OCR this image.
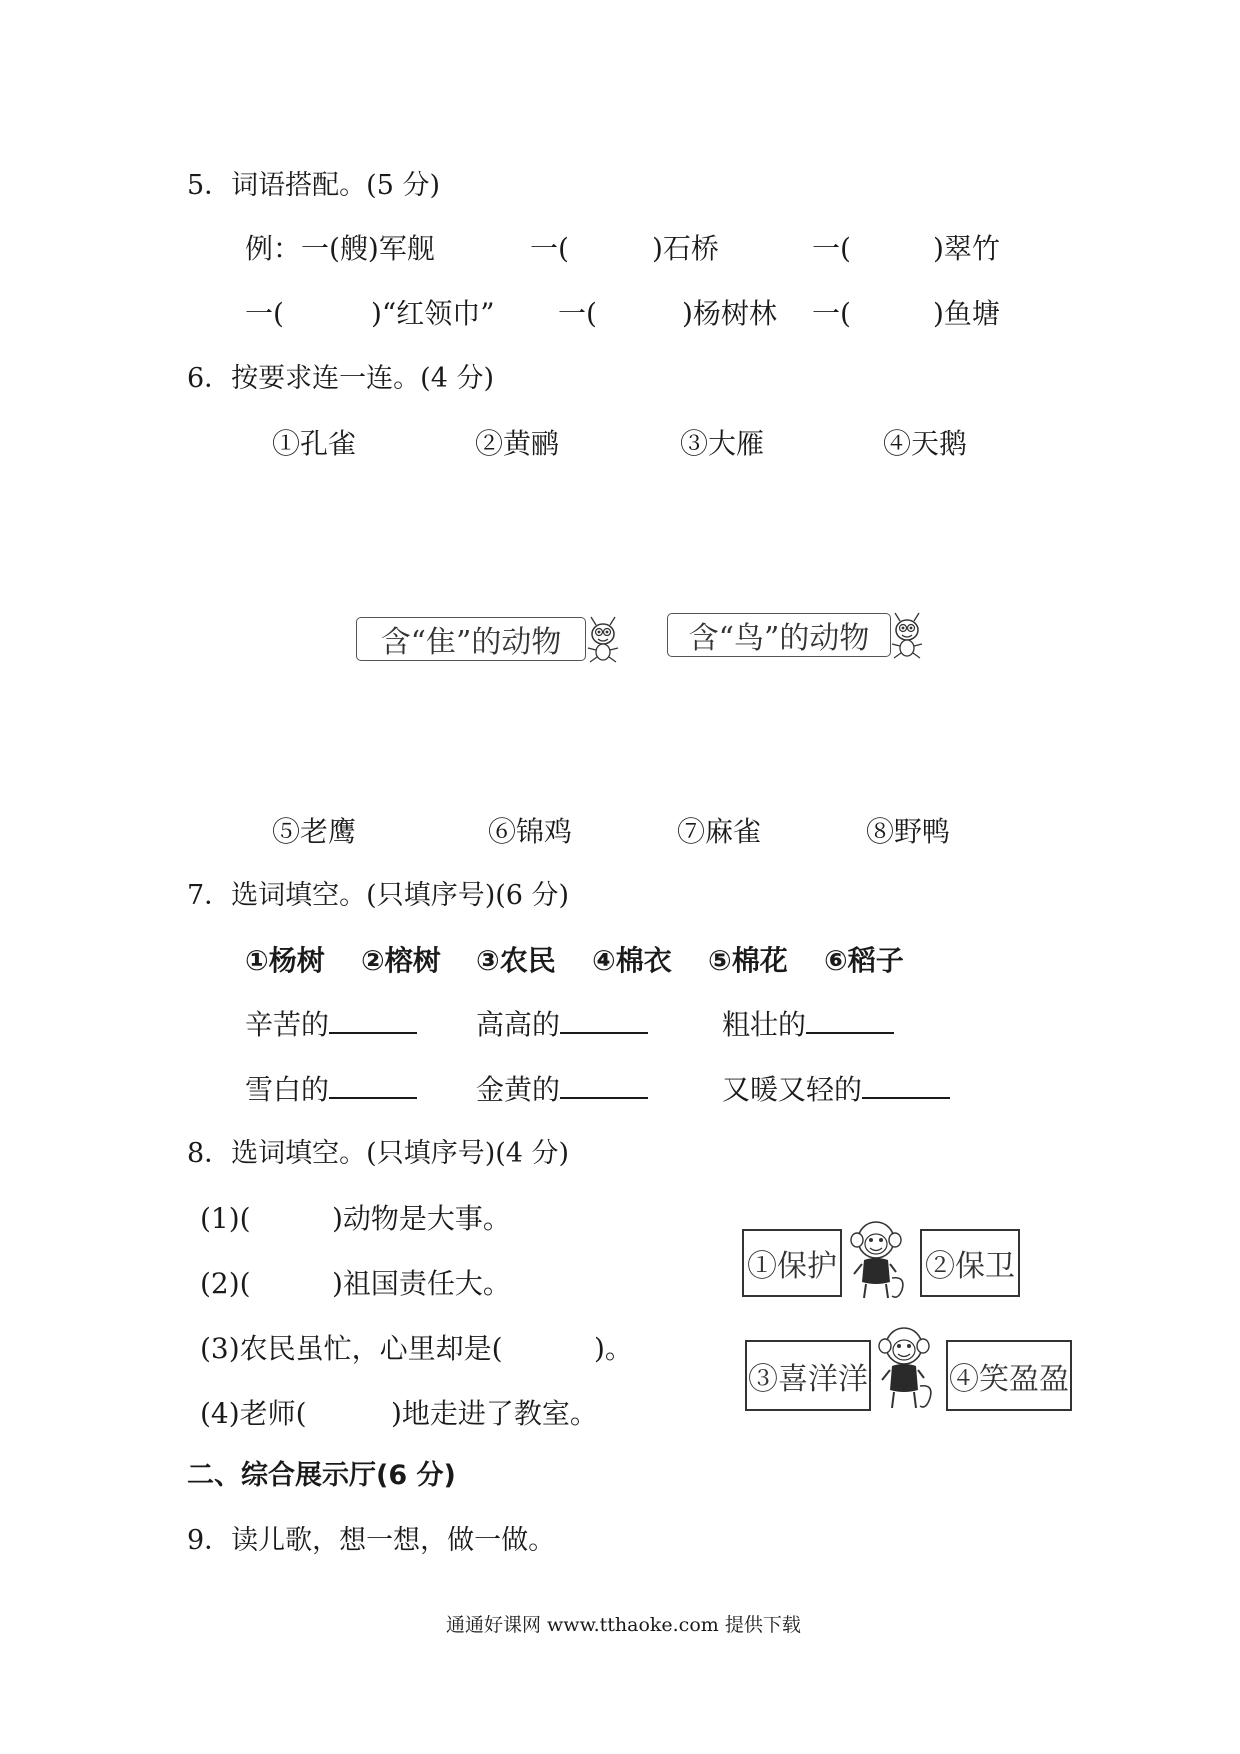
5．词语搭配。(5 分)
例：一(艘)军舰	一(	)石桥	一(	)翠竹
一(	)“红领巾” 一(	)杨树林 一(	)鱼塘
6．按要求连一连。(4 分)
①孔雀	②黄鹂	③大雁	④天鹅
含“隹”的动物	含“鸟”的动物
⑤老鹰	⑥锦鸡	⑦麻雀	⑧野鸭
7．选词填空。(只填序号)(6 分)
①杨树 ②榕树 ③农民 ④棉衣 ⑤棉花 ⑥稻子
辛苦的	高高的	粗壮的
雪白的	金黄的	又暖又轻的
8．选词填空。(只填序号)(4 分)
(1)(	)动物是大事。
(2)(	)祖国责任大。
(3)农民虽忙，心里却是(	)。
(4)老师(	)地走进了教室。
①保护	②保卫
③喜洋洋	④笑盈盈
二、综合展示厅(6 分)
9．读儿歌，想一想，做一做。
通通好课网 www.tthaoke.com 提供下载
